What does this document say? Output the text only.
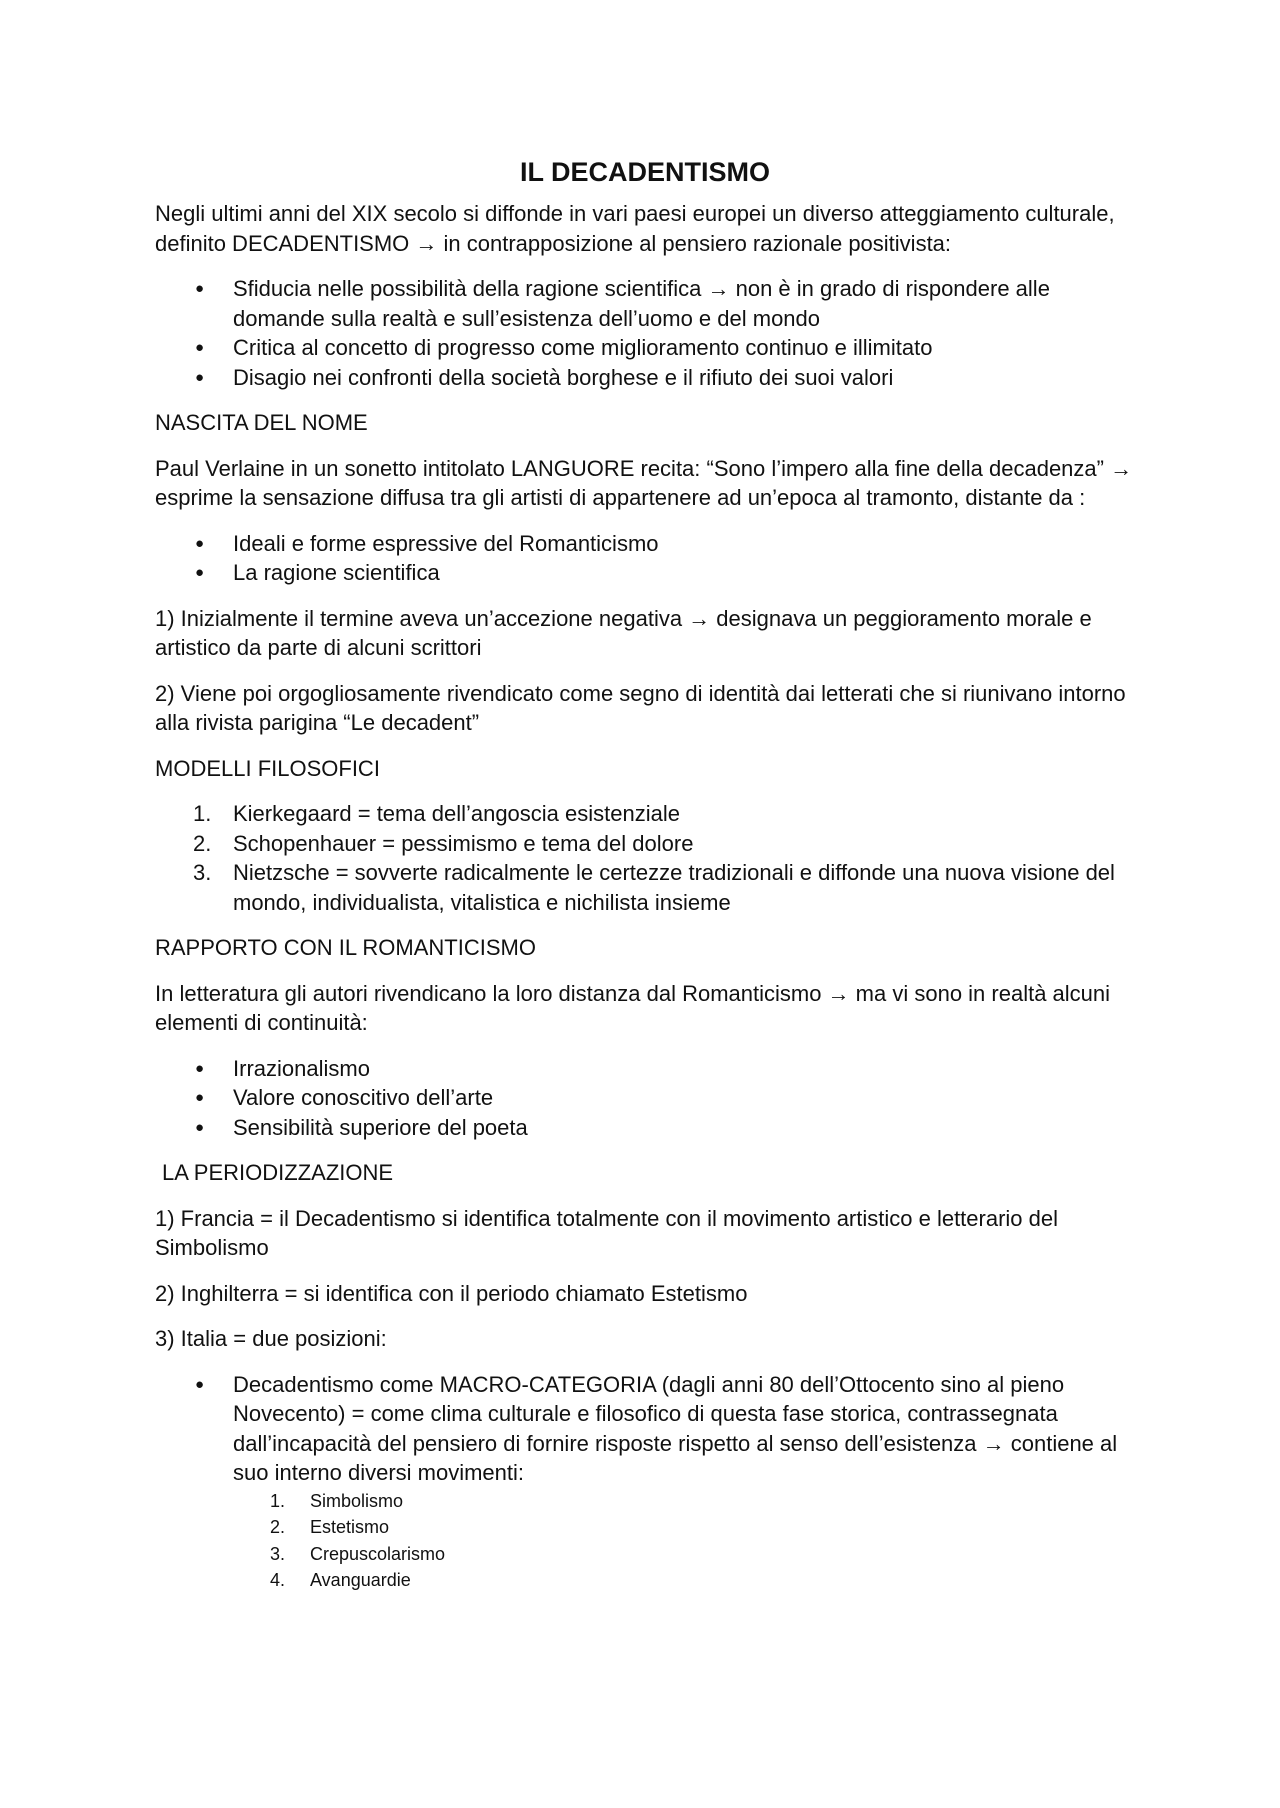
IL DECADENTISMO

Negli ultimi anni del XIX secolo si diffonde in vari paesi europei un diverso atteggiamento culturale, definito DECADENTISMO → in contrapposizione al pensiero razionale positivista:

● Sfiducia nelle possibilità della ragione scientifica → non è in grado di rispondere alle domande sulla realtà e sull’esistenza dell’uomo e del mondo
● Critica al concetto di progresso come miglioramento continuo e illimitato
● Disagio nei confronti della società borghese e il rifiuto dei suoi valori
NASCITA DEL NOME

Paul Verlaine in un sonetto intitolato LANGUORE recita: “Sono l’impero alla fine della decadenza” → esprime la sensazione diffusa tra gli artisti di appartenere ad un’epoca al tramonto, distante da :

● Ideali e forme espressive del Romanticismo
● La ragione scientifica

1) Inizialmente il termine aveva un’accezione negativa → designava un peggioramento morale e artistico da parte di alcuni scrittori

2) Viene poi orgogliosamente rivendicato come segno di identità dai letterati che si riunivano intorno alla rivista parigina “Le decadent”

MODELLI FILOSOFICI
1. Kierkegaard = tema dell’angoscia esistenziale
2. Schopenhauer = pessimismo e tema del dolore
3. Nietzsche = sovverte radicalmente le certezze tradizionali e diffonde una nuova visione del mondo, individualista, vitalistica e nichilista insieme
RAPPORTO CON IL ROMANTICISMO

In letteratura gli autori rivendicano la loro distanza dal Romanticismo → ma vi sono in realtà alcuni elementi di continuità:

● Irrazionalismo
● Valore conoscitivo dell’arte
● Sensibilità superiore del poeta
LA PERIODIZZAZIONE

1) Francia = il Decadentismo si identifica totalmente con il movimento artistico e letterario del Simbolismo

2) Inghilterra = si identifica con il periodo chiamato Estetismo

3) Italia = due posizioni:

● Decadentismo come MACRO-CATEGORIA (dagli anni 80 dell’Ottocento sino al pieno Novecento) = come clima culturale e filosofico di questa fase storica, contrassegnata dall’incapacità del pensiero di fornire risposte rispetto al senso dell’esistenza → contiene al suo interno diversi movimenti:
1. Simbolismo
2. Estetismo
3. Crepuscolarismo
4. Avanguardie
